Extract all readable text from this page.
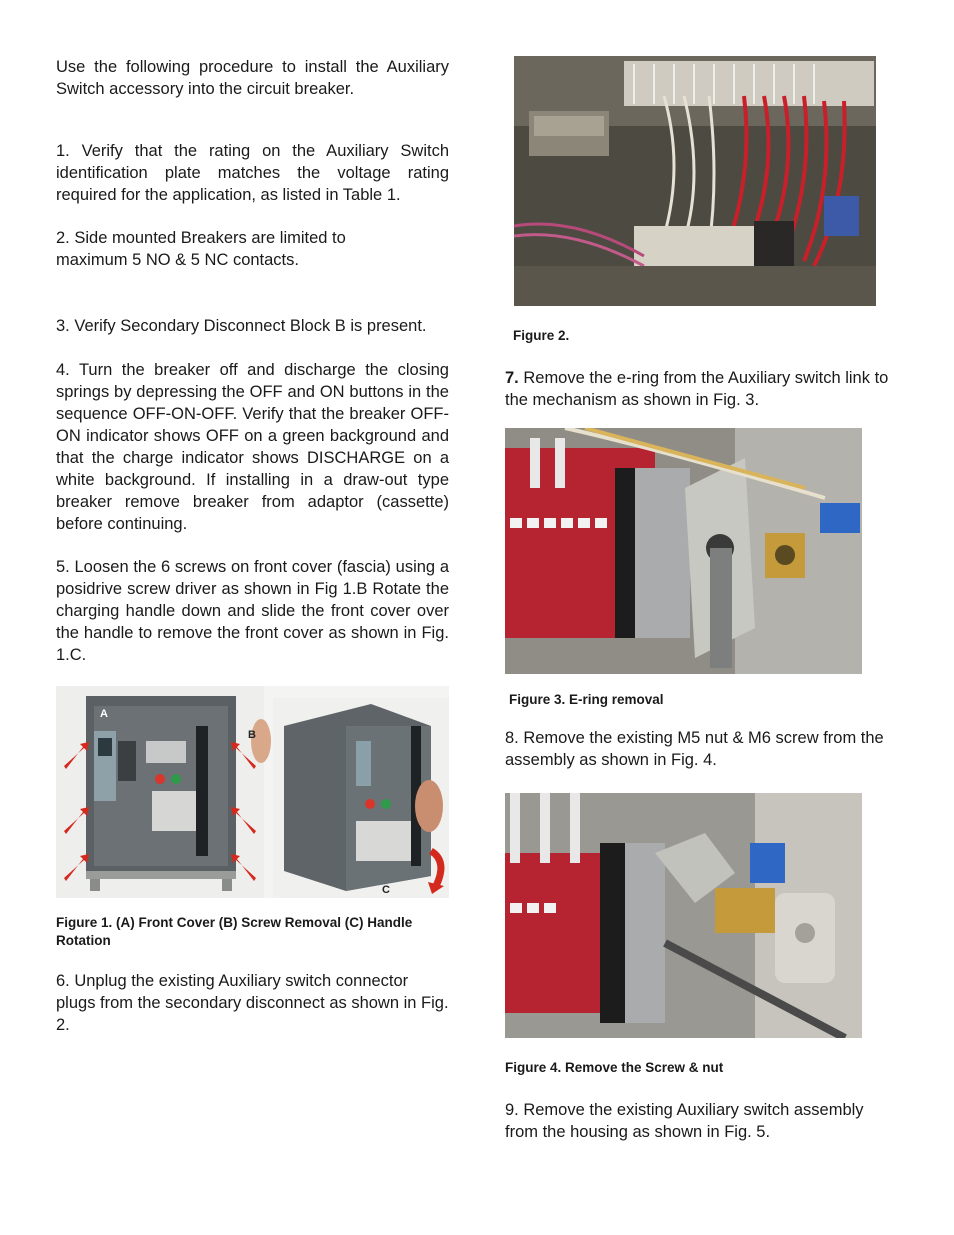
Use the following procedure to install the Auxiliary Switch accessory into the circuit breaker.

1. Verify that the rating on the Auxiliary Switch identification plate matches the voltage rating required for the application, as listed in Table 1.

2. Side mounted Breakers are limited to
maximum 5 NO & 5 NC contacts.

3. Verify Secondary Disconnect Block B is present.

4. Turn the breaker off and discharge the closing springs by depressing the OFF and ON buttons in the sequence OFF-ON-OFF. Verify that the breaker OFF-ON indicator shows OFF on a green background and that the charge indicator shows DISCHARGE on a white background. If installing in a draw-out type breaker remove breaker from adaptor (cassette) before continuing.

5. Loosen the 6 screws on front cover (fascia) using a posidrive screw driver as shown in Fig 1.B Rotate the charging handle down and slide the front cover over the handle to remove the front cover as shown in Fig. 1.C.

A
B
C

Figure 1. (A) Front Cover (B) Screw Removal (C) Handle Rotation

6. Unplug the existing Auxiliary switch connector plugs from the secondary disconnect as shown in Fig. 2.

Figure 2.

7. Remove the e-ring from the Auxiliary switch link to the mechanism as shown in Fig. 3.

Figure 3. E-ring removal

8. Remove the existing M5 nut & M6 screw from the assembly as shown in Fig. 4.

Figure 4. Remove the Screw & nut

9. Remove the existing Auxiliary switch assembly from the housing as shown in Fig. 5.
